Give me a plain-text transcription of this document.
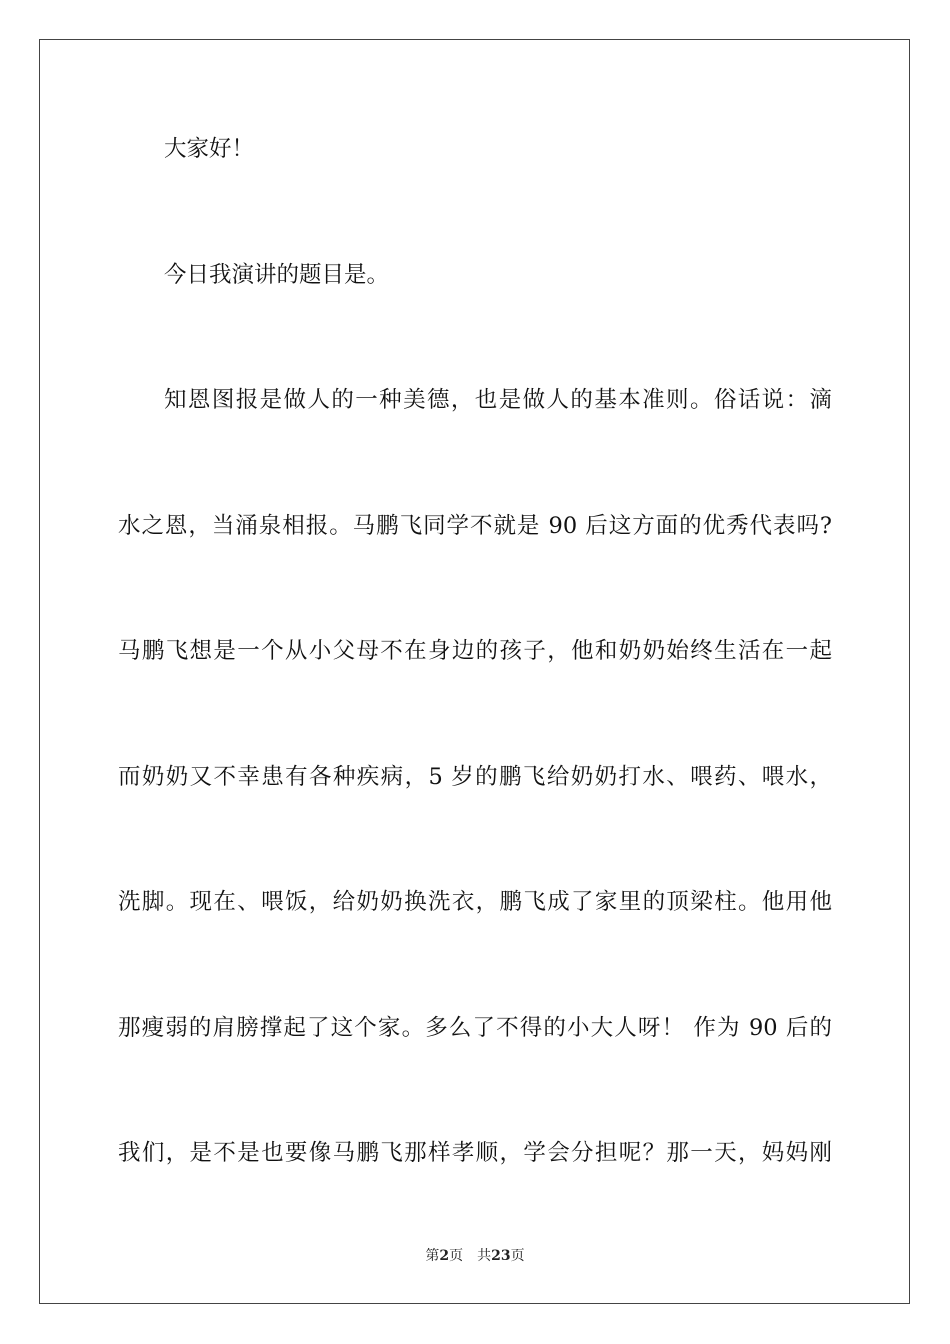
大家好！
今日我演讲的题目是。
知恩图报是做人的一种美德，也是做人的基本准则。俗话说：滴
水之恩，当涌泉相报。马鹏飞同学不就是 90 后这方面的优秀代表吗?
马鹏飞想是一个从小父母不在身边的孩子，他和奶奶始终生活在一起
而奶奶又不幸患有各种疾病，5 岁的鹏飞给奶奶打水、喂药、喂水，
洗脚。现在、喂饭，给奶奶换洗衣，鹏飞成了家里的顶梁柱。他用他
那瘦弱的肩膀撑起了这个家。多么了不得的小大人呀！ 作为 90 后的
我们，是不是也要像马鹏飞那样孝顺，学会分担呢？那一天，妈妈刚
第2页 共23页
